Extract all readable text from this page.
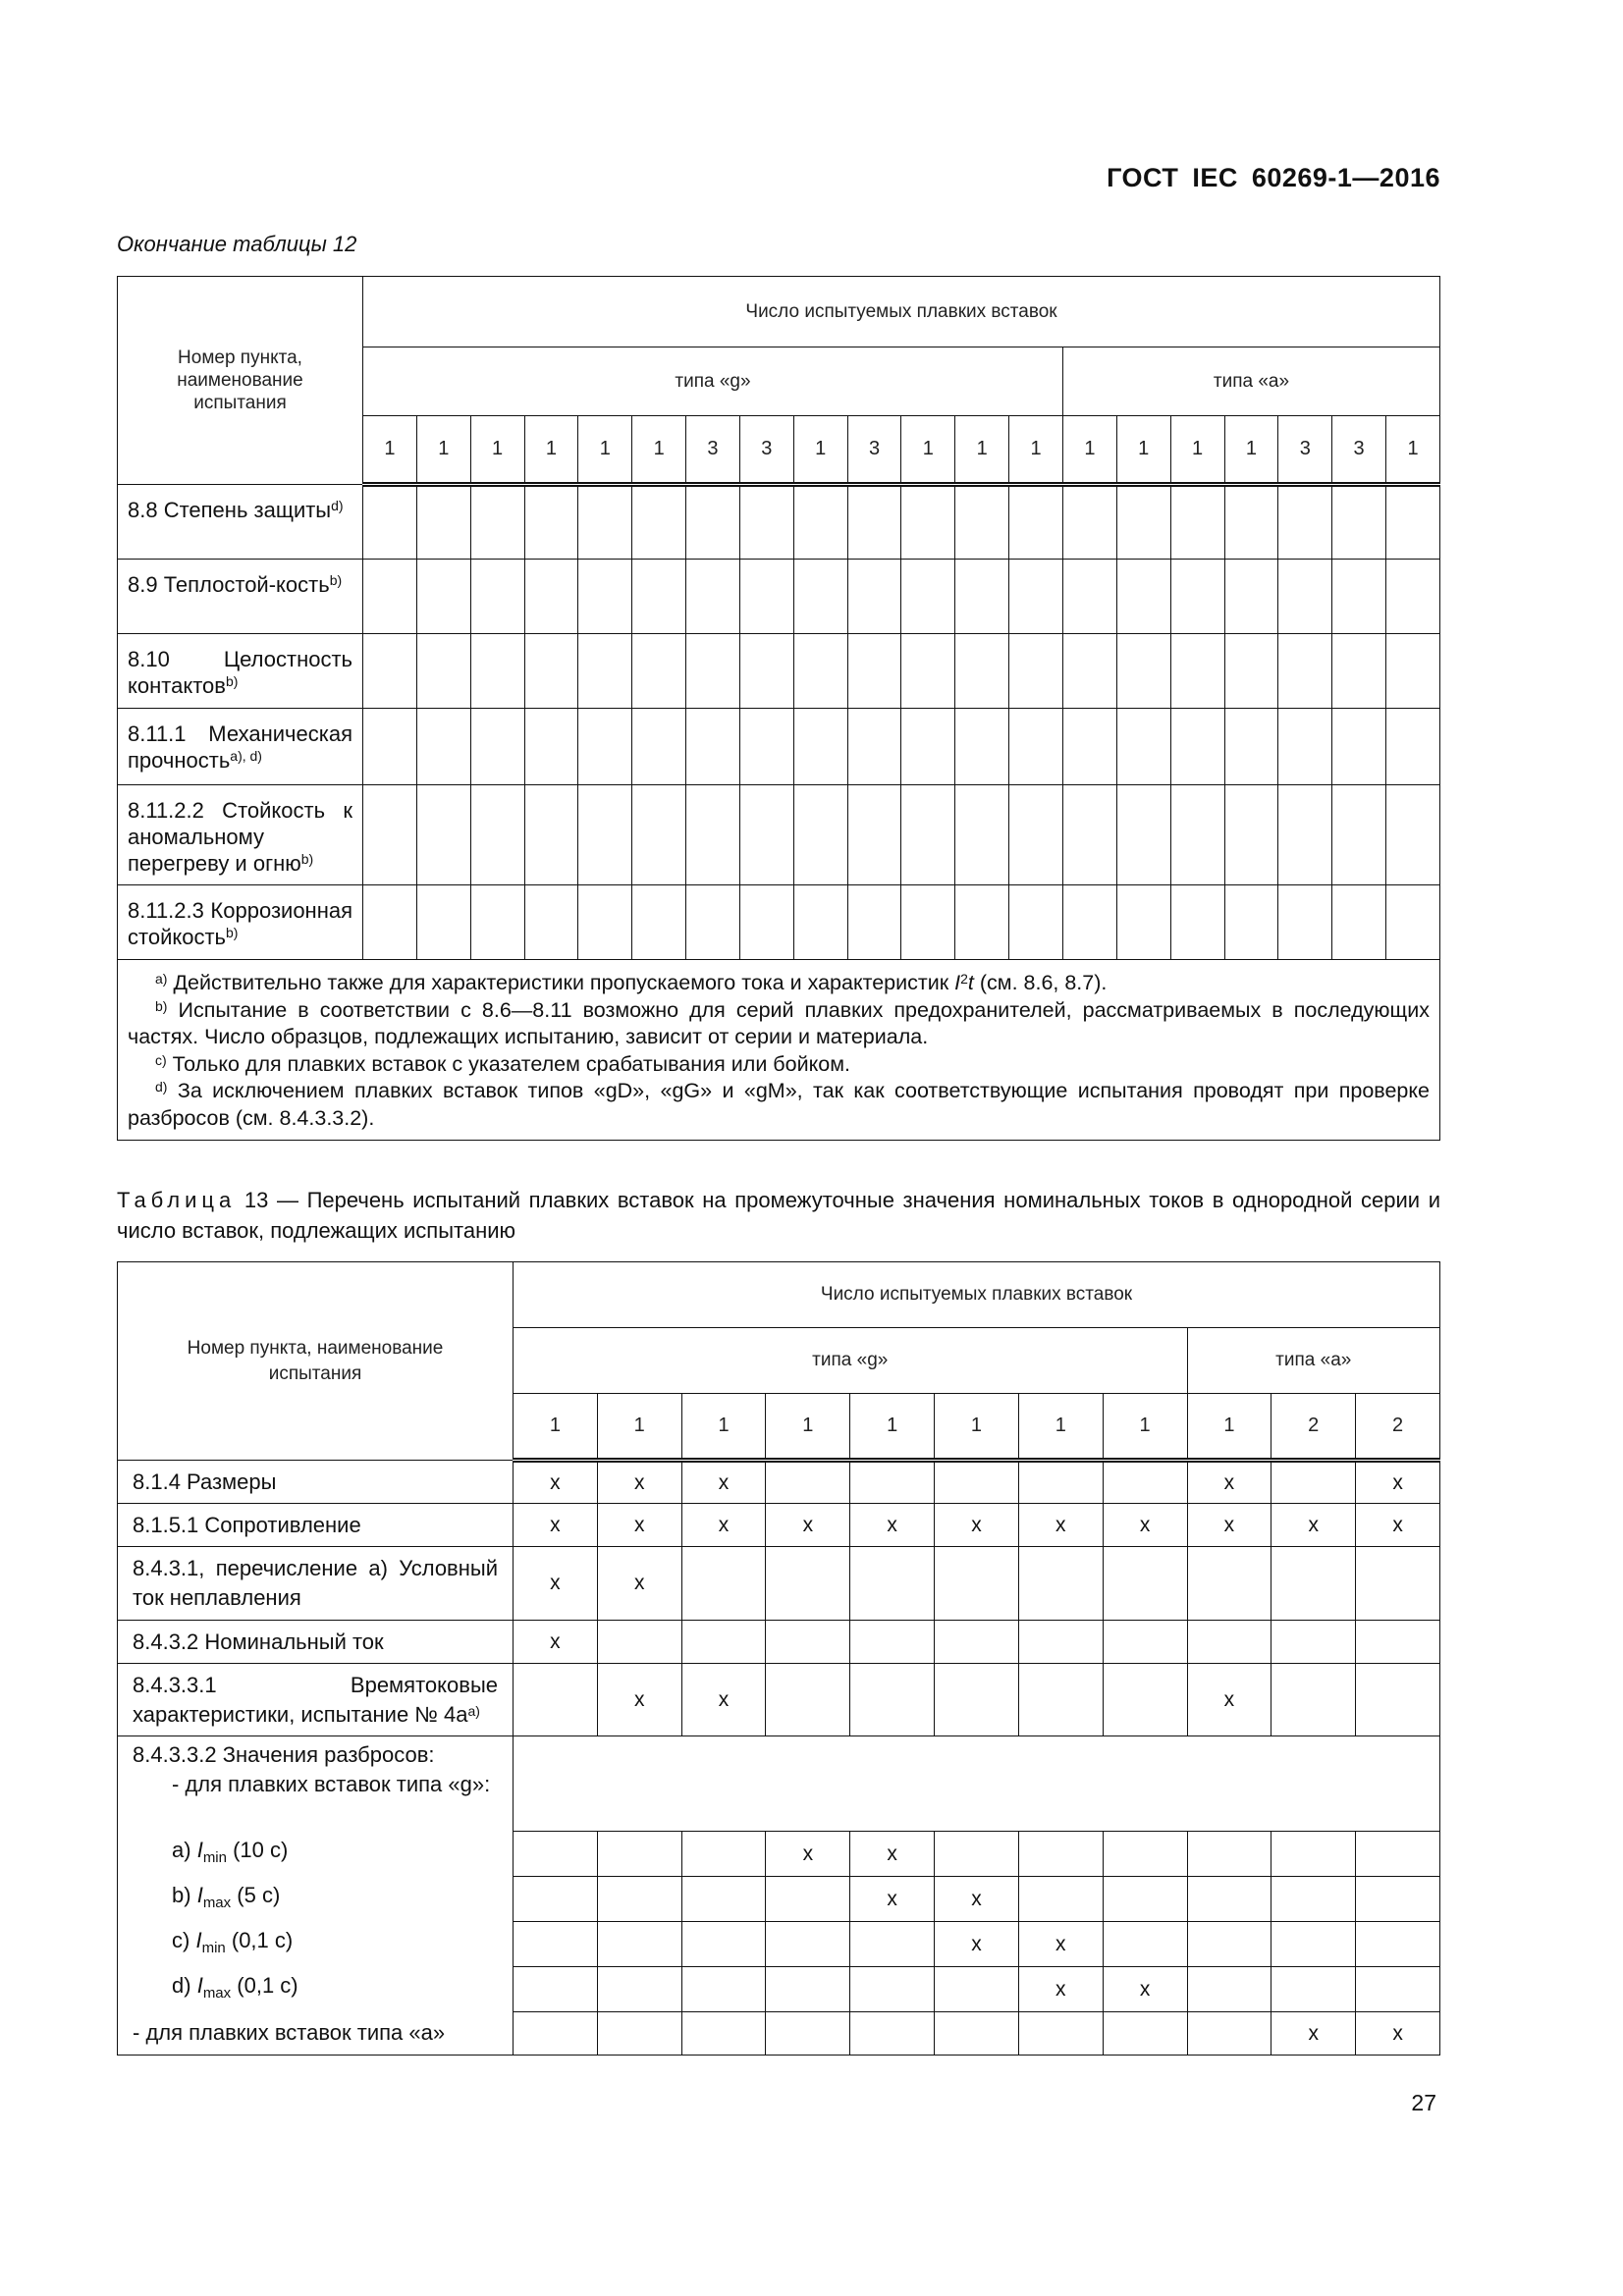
ГОСТ IEC 60269-1—2016
Окончание таблицы 12
Номер пункта, наименование испытания	Число испытуемых плавких вставок																			
	типа «g»													типа «a»						
	1	1	1	1	1	1	3	3	1	3	1	1	1	1	1	1	1	3	3	1
8.8 Степень защиты$^{d)}$																				
8.9 Теплостой-кость$^{b)}$																				
8.10 Целостность контактов$^{b)}$																				
8.11.1 Механическая прочность$^{a), d)}$																				
8.11.2.2 Стойкость к аномальному перегреву и огню$^{b)}$																				
8.11.2.3 Коррозионная стойкость$^{b)}$																				

$^{a)}$ Действительно также для характеристики пропускаемого тока и характеристик $I^2t$ (см. 8.6, 8.7).
$^{b)}$ Испытание в соответствии с 8.6—8.11 возможно для серий плавких предохранителей, рассматриваемых в последующих частях. Число образцов, подлежащих испытанию, зависит от серии и материала.
$^{c)}$ Только для плавких вставок с указателем срабатывания или бойком.
$^{d)}$ За исключением плавких вставок типов «gD», «gG» и «gM», так как соответствующие испытания проводят при проверке разбросов (см. 8.4.3.3.2).																				
Таблица 13 — Перечень испытаний плавких вставок на промежуточные значения номинальных токов в однородной серии и число вставок, подлежащих испытанию
Номер пункта, наименование испытания	Число испытуемых плавких вставок										
	типа «g»								типа «a»		
	1	1	1	1	1	1	1	1	1	2	2
8.1.4 Размеры	x	x	x						x		x
8.1.5.1 Сопротивление	x	x	x	x	x	x	x	x	x	x	x
8.4.3.1, перечисление a) Условный ток неплавления	x	x									
8.4.3.2 Номинальный ток	x										
8.4.3.3.1 Времятоковые характеристики, испытание № $4a^{a)}$		x	x						x		
8.4.3.3.2 Значения разбросов:

- для плавких вставок типа «g»:											

a) $I_{min}$ (10 с)				x	x						
b) $I_{max}$ (5 с)					x	x					
c) $I_{min}$ (0,1 с)						x	x				
d) $I_{max}$ (0,1 с)							x	x			
- для плавких вставок типа «a»										x	x
27
